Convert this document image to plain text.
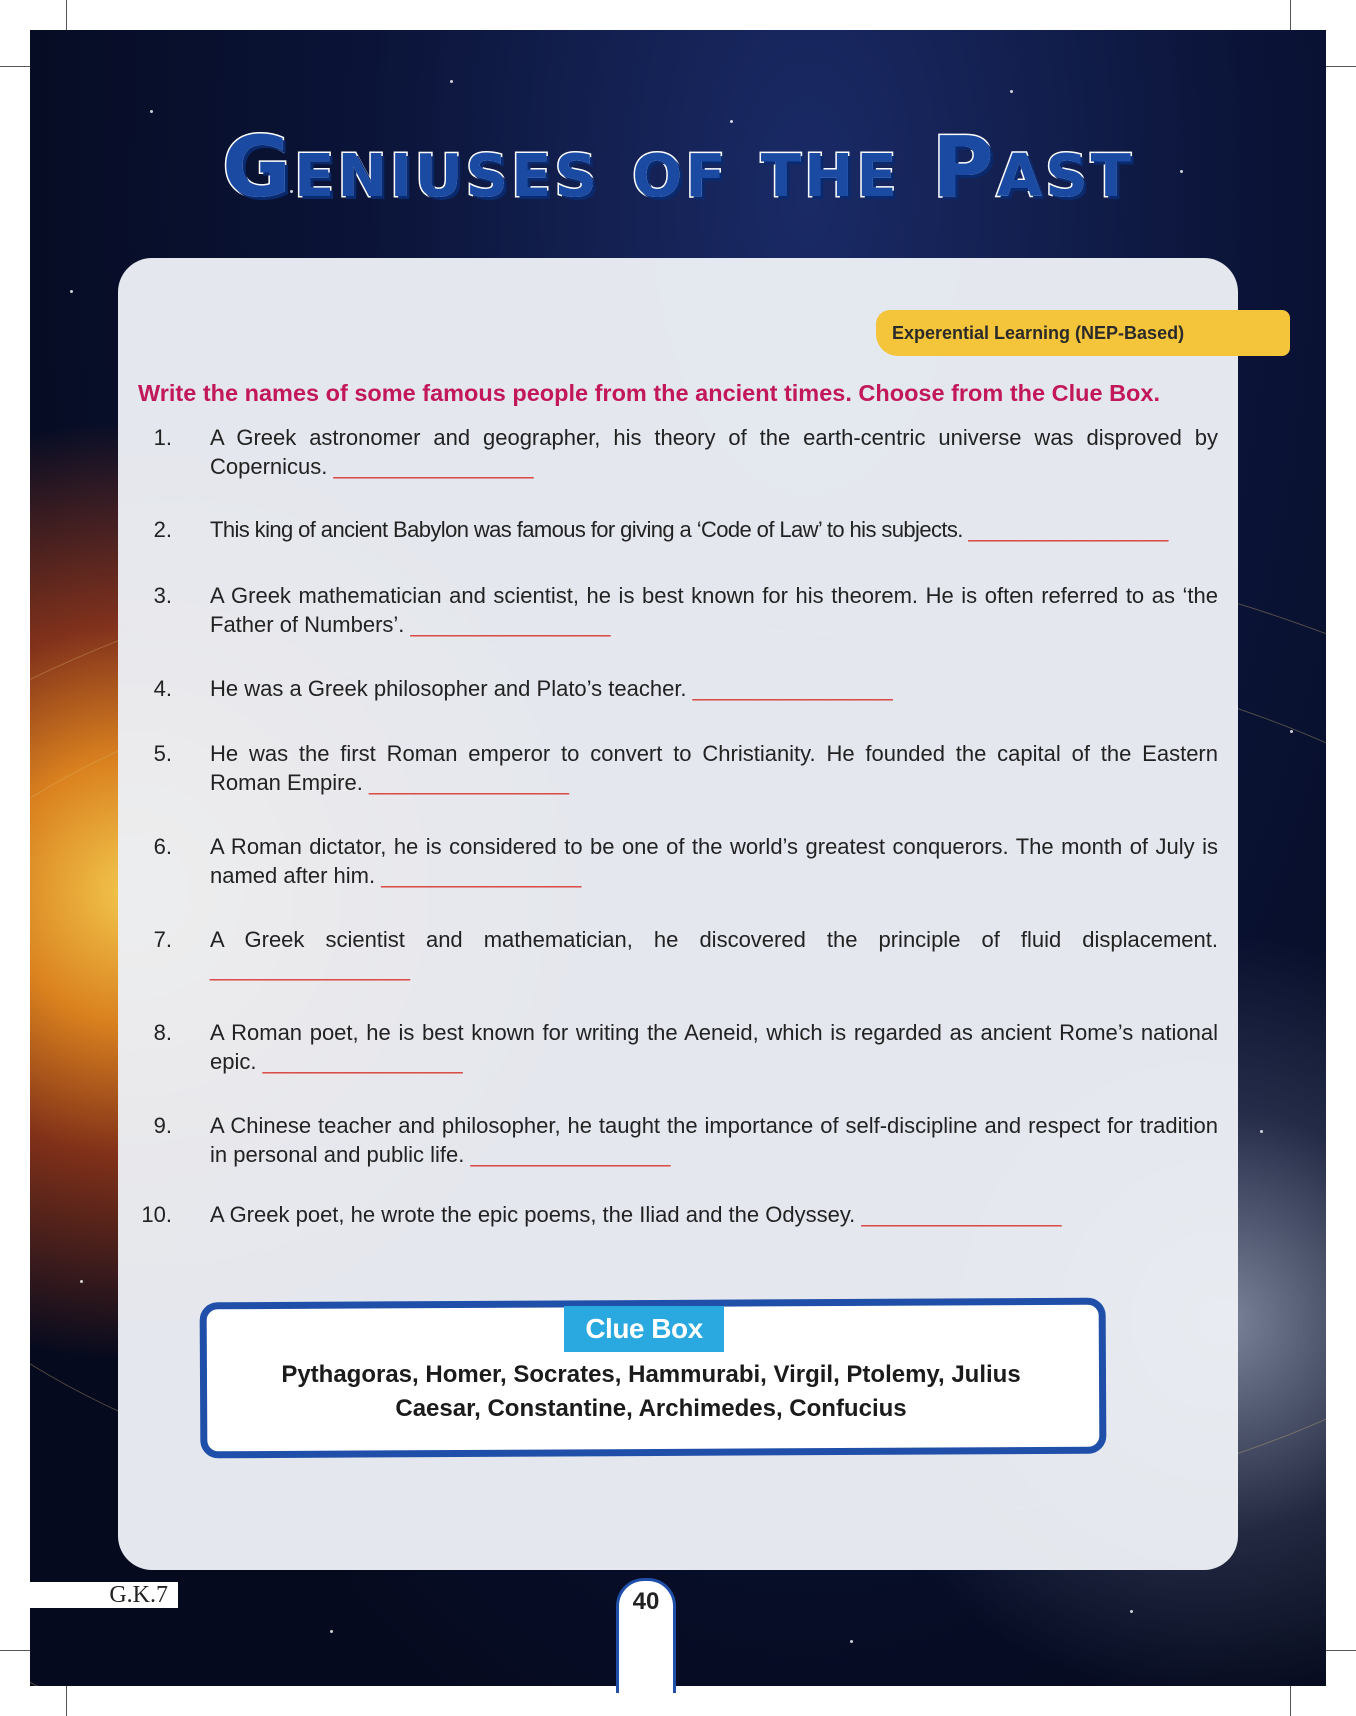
Geniuses of the Past
Experential Learning (NEP-Based)
Write the names of some famous people from the ancient times. Choose from the Clue Box.
1. A Greek astronomer and geographer, his theory of the earth-centric universe was disproved by Copernicus. _________________
2. This king of ancient Babylon was famous for giving a ‘Code of Law’ to his subjects. _________________
3. A Greek mathematician and scientist, he is best known for his theorem. He is often referred to as ‘the Father of Numbers’. _________________
4. He was a Greek philosopher and Plato’s teacher. _________________
5. He was the first Roman emperor to convert to Christianity. He founded the capital of the Eastern Roman Empire. _________________
6. A Roman dictator, he is considered to be one of the world’s greatest conquerors. The month of July is named after him. _________________
7. A Greek scientist and mathematician, he discovered the principle of fluid displacement. _________________
8. A Roman poet, he is best known for writing the Aeneid, which is regarded as ancient Rome’s national epic. _________________
9. A Chinese teacher and philosopher, he taught the importance of self-discipline and respect for tradition in personal and public life. _________________
10. A Greek poet, he wrote the epic poems, the Iliad and the Odyssey. _________________
Clue Box
Pythagoras, Homer, Socrates, Hammurabi, Virgil, Ptolemy, Julius
Caesar, Constantine, Archimedes, Confucius
G.K.7	40
